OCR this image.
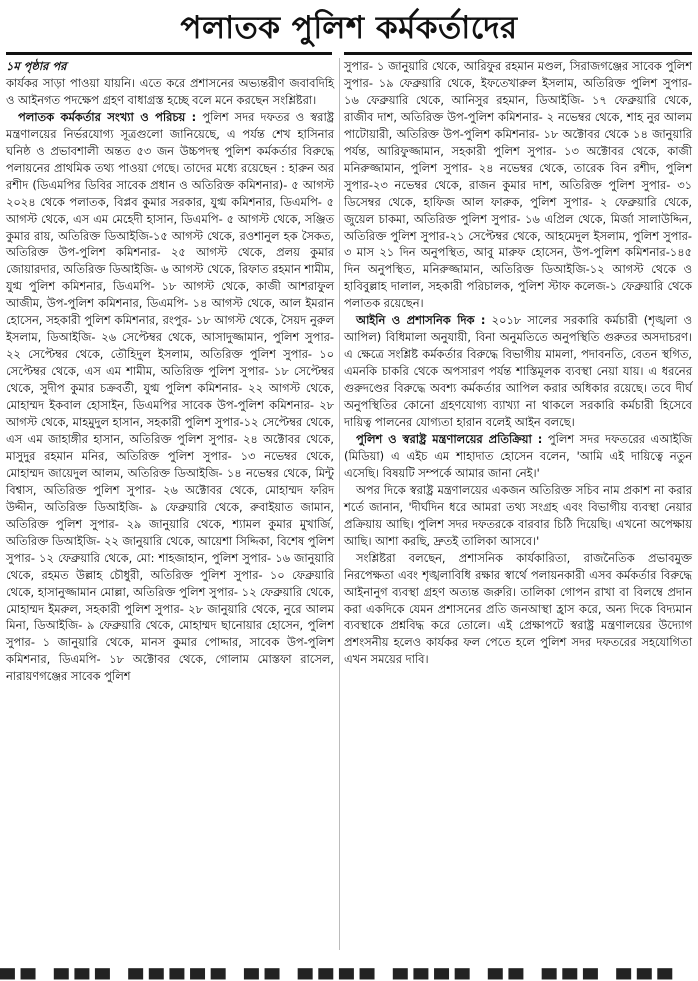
পলাতক পুলিশ কর্মকর্তাদের

১ম পৃষ্ঠার পর

কার্যকর সাড়া পাওয়া যায়নি। এতে করে প্রশাসনের অভ্যন্তরীণ জবাবদিহি ও আইনগত পদক্ষেপ গ্রহণ বাধাগ্রস্ত হচ্ছে বলে মনে করছেন সংশ্লিষ্টরা।

পলাতক কর্মকর্তার সংখ্যা ও পরিচয় : পুলিশ সদর দফতর ও স্বরাষ্ট্র মন্ত্রণালয়ের নির্ভরযোগ্য সূত্রগুলো জানিয়েছে, এ পর্যন্ত শেখ হাসিনার ঘনিষ্ঠ ও প্রভাবশালী অন্তত ৫৩ জন উচ্চপদস্থ পুলিশ কর্মকর্তার বিরুদ্ধে পলায়নের প্রাথমিক তথ্য পাওয়া গেছে। তাদের মধ্যে রয়েছেন : হারুন অর রশীদ (ডিএমপির ডিবির সাবেক প্রধান ও অতিরিক্ত কমিশনার)- ৫ আগস্ট ২০২৪ থেকে পলাতক, বিপ্লব কুমার সরকার, যুগ্ম কমিশনার, ডিএমপি- ৫ আগস্ট থেকে, এস এম মেহেদী হাসান, ডিএমপি- ৫ আগস্ট থেকে, সঞ্জিত কুমার রায়, অতিরিক্ত ডিআইজি-১৫ আগস্ট থেকে, রওশানুল হক সৈকত, অতিরিক্ত উপ-পুলিশ কমিশনার- ২৫ আগস্ট থেকে, প্রলয় কুমার জোয়ারদার, অতিরিক্ত ডিআইজি- ৬ আগস্ট থেকে, রিফাত রহমান শামীম, যুগ্ম পুলিশ কমিশনার, ডিএমপি- ১৮ আগস্ট থেকে, কাজী আশরাফুল আজীম, উপ-পুলিশ কমিশনার, ডিএমপি- ১৪ আগস্ট থেকে, আল ইমরান হোসেন, সহকারী পুলিশ কমিশনার, রংপুর- ১৮ আগস্ট থেকে, সৈয়দ নুরুল ইসলাম, ডিআইজি- ২৬ সেপ্টেম্বর থেকে, আসাদুজ্জামান, পুলিশ সুপার- ২২ সেপ্টেম্বর থেকে, তৌহিদুল ইসলাম, অতিরিক্ত পুলিশ সুপার- ১০ সেপ্টেম্বর থেকে, এস এম শামীম, অতিরিক্ত পুলিশ সুপার- ১৮ সেপ্টেম্বর থেকে, সুদীপ কুমার চক্রবর্তী, যুগ্ম পুলিশ কমিশনার- ২২ আগস্ট থেকে, মোহাম্মদ ইকবাল হোসাইন, ডিএমপির সাবেক উপ-পুলিশ কমিশনার- ২৮ আগস্ট থেকে, মাহমুদুল হাসান, সহকারী পুলিশ সুপার-১২ সেপ্টেম্বর থেকে, এস এম জাহাঙ্গীর হাসান, অতিরিক্ত পুলিশ সুপার- ২৪ অক্টোবর থেকে, মাসুদুর রহমান মনির, অতিরিক্ত পুলিশ সুপার- ১৩ নভেম্বর থেকে, মোহাম্মদ জায়েদুল আলম, অতিরিক্ত ডিআইজি- ১৪ নভেম্বর থেকে, মিন্টু বিশ্বাস, অতিরিক্ত পুলিশ সুপার- ২৬ অক্টোবর থেকে, মোহাম্মদ ফরিদ উদ্দীন, অতিরিক্ত ডিআইজি- ৯ ফেব্রুয়ারি থেকে, রুবাইয়াত জামান, অতিরিক্ত পুলিশ সুপার- ২৯ জানুয়ারি থেকে, শ্যামল কুমার মুখার্জি, অতিরিক্ত ডিআইজি- ২২ জানুয়ারি থেকে, আয়েশা সিদ্দিকা, বিশেষ পুলিশ সুপার- ১২ ফেব্রুয়ারি থেকে, মো: শাহজাহান, পুলিশ সুপার- ১৬ জানুয়ারি থেকে, রহমত উল্লাহ চৌধুরী, অতিরিক্ত পুলিশ সুপার- ১০ ফেব্রুয়ারি থেকে, হাসানুজ্জামান মোল্লা, অতিরিক্ত পুলিশ সুপার- ১২ ফেব্রুয়ারি থেকে, মোহাম্মদ ইমরুল, সহকারী পুলিশ সুপার- ২৮ জানুয়ারি থেকে, নুরে আলম মিনা, ডিআইজি- ৯ ফেব্রুয়ারি থেকে, মোহাম্মদ ছানোয়ার হোসেন, পুলিশ সুপার- ১ জানুয়ারি থেকে, মানস কুমার পোদ্দার, সাবেক উপ-পুলিশ কমিশনার, ডিএমপি- ১৮ অক্টোবর থেকে, গোলাম মোস্তফা রাসেল, নারায়ণগঞ্জের সাবেক পুলিশ

সুপার- ১ জানুয়ারি থেকে, আরিফুর রহমান মণ্ডল, সিরাজগঞ্জের সাবেক পুলিশ সুপার- ১৯ ফেব্রুয়ারি থেকে, ইফতেখারুল ইসলাম, অতিরিক্ত পুলিশ সুপার- ১৬ ফেব্রুয়ারি থেকে, আনিসুর রহমান, ডিআইজি- ১৭ ফেব্রুয়ারি থেকে, রাজীব দাশ, অতিরিক্ত উপ-পুলিশ কমিশনার- ২ নভেম্বর থেকে, শাহ নুর আলম পাটোয়ারী, অতিরিক্ত উপ-পুলিশ কমিশনার- ১৮ অক্টোবর থেকে ১৪ জানুয়ারি পর্যন্ত, আরিফুজ্জামান, সহকারী পুলিশ সুপার- ১৩ অক্টোবর থেকে, কাজী মনিরুজ্জামান, পুলিশ সুপার- ২৪ নভেম্বর থেকে, তারেক বিন রশীদ, পুলিশ সুপার-২৩ নভেম্বর থেকে, রাজন কুমার দাশ, অতিরিক্ত পুলিশ সুপার- ৩১ ডিসেম্বর থেকে, হাফিজ আল ফারুক, পুলিশ সুপার- ২ ফেব্রুয়ারি থেকে, জুয়েল চাকমা, অতিরিক্ত পুলিশ সুপার- ১৬ এপ্রিল থেকে, মির্জা সালাউদ্দিন, অতিরিক্ত পুলিশ সুপার-২১ সেপ্টেম্বর থেকে, আহমেদুল ইসলাম, পুলিশ সুপার- ৩ মাস ২১ দিন অনুপস্থিত, আবু মারুফ হোসেন, উপ-পুলিশ কমিশনার-১৪৫ দিন অনুপস্থিত, মনিরুজ্জামান, অতিরিক্ত ডিআইজি-১২ আগস্ট থেকে ও হাবিবুল্লাহ দালাল, সহকারী পরিচালক, পুলিশ স্টাফ কলেজ-১ ফেব্রুয়ারি থেকে পলাতক রয়েছেন।

আইনি ও প্রশাসনিক দিক : ২০১৮ সালের সরকারি কর্মচারী (শৃঙ্খলা ও আপিল) বিধিমালা অনুযায়ী, বিনা অনুমতিতে অনুপস্থিতি গুরুতর অসদাচরণ। এ ক্ষেত্রে সংশ্লিষ্ট কর্মকর্তার বিরুদ্ধে বিভাগীয় মামলা, পদাবনতি, বেতন স্থগিত, এমনকি চাকরি থেকে অপসারণ পর্যন্ত শাস্তিমূলক ব্যবস্থা নেয়া যায়। এ ধরনের গুরুদণ্ডের বিরুদ্ধে অবশ্য কর্মকর্তার আপিল করার অধিকার রয়েছে। তবে দীর্ঘ অনুপস্থিতির কোনো গ্রহণযোগ্য ব্যাখ্যা না থাকলে সরকারি কর্মচারী হিসেবে দায়িত্ব পালনের যোগ্যতা হারান বলেই আইন বলছে।

পুলিশ ও স্বরাষ্ট্র মন্ত্রণালয়ের প্রতিক্রিয়া : পুলিশ সদর দফতরের এআইজি (মিডিয়া) এ এইচ এম শাহাদাত হোসেন বলেন, 'আমি এই দায়িত্বে নতুন এসেছি। বিষয়টি সম্পর্কে আমার জানা নেই।'

অপর দিকে স্বরাষ্ট্র মন্ত্রণালয়ের একজন অতিরিক্ত সচিব নাম প্রকাশ না করার শর্তে জানান, 'দীর্ঘদিন ধরে আমরা তথ্য সংগ্রহ এবং বিভাগীয় ব্যবস্থা নেয়ার প্রক্রিয়ায় আছি। পুলিশ সদর দফতরকে বারবার চিঠি দিয়েছি। এখনো অপেক্ষায় আছি। আশা করছি, দ্রুতই তালিকা আসবে।'

সংশ্লিষ্টরা বলছেন, প্রশাসনিক কার্যকারিতা, রাজনৈতিক প্রভাবমুক্ত নিরপেক্ষতা এবং শৃঙ্খলাবিধি রক্ষার স্বার্থে পলায়নকারী এসব কর্মকর্তার বিরুদ্ধে আইনানুগ ব্যবস্থা গ্রহণ অত্যন্ত জরুরি। তালিকা গোপন রাখা বা বিলম্বে প্রদান করা একদিকে যেমন প্রশাসনের প্রতি জনআস্থা হ্রাস করে, অন্য দিকে বিদ্যমান ব্যবস্থাকে প্রশ্নবিদ্ধ করে তোলে। এই প্রেক্ষাপটে স্বরাষ্ট্র মন্ত্রণালয়ের উদ্যোগ প্রশংসনীয় হলেও কার্যকর ফল পেতে হলে পুলিশ সদর দফতরের সহযোগিতা এখন সময়ের দাবি।

▀▀ ▀▀▀ ▀▀▀▀▀ ▀▀ ▀▀▀▀ ▀▀▀▀ ▀▀ ▀▀▀ ▀▀▀
